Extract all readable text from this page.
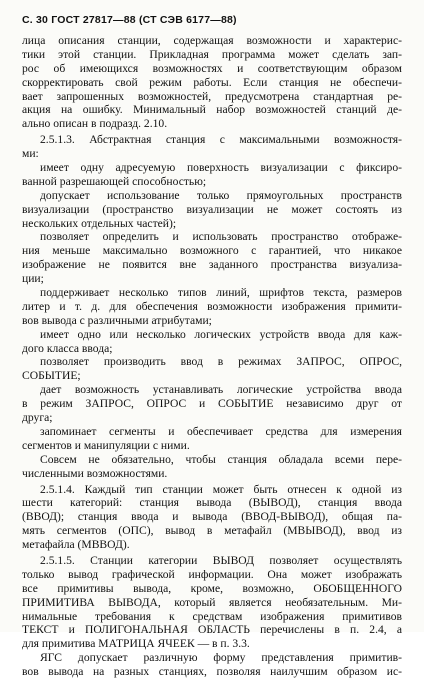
С. 30 ГОСТ 27817—88 (СТ СЭВ 6177—88)
лица описания станции, содержащая возможности и характерис-
тики этой станции. Прикладная программа может сделать зап-
рос об имеющихся возможностях и соответствующим образом
скорректировать свой режим работы. Если станция не обеспечи-
вает запрошенных возможностей, предусмотрена стандартная ре-
акция на ошибку. Минимальный набор возможностей станций де-
ально описан в подразд. 2.10.
2.5.1.3. Абстрактная станция с максимальными возможностя-
ми:
имеет одну адресуемую поверхность визуализации с фиксиро-
ванной разрешающей способностью;
допускает использование только прямоугольных пространств
визуализации (пространство визуализации не может состоять из
нескольких отдельных частей);
позволяет определить и использовать пространство отображе-
ния меньше максимально возможного с гарантией, что никакое
изображение не появится вне заданного пространства визуализа-
ции;
поддерживает несколько типов линий, шрифтов текста, размеров
литер и т. д. для обеспечения возможности изображения примити-
вов вывода с различными атрибутами;
имеет одно или несколько логических устройств ввода для каж-
дого класса ввода;
позволяет производить ввод в режимах ЗАПРОС, ОПРОС,
СОБЫТИЕ;
дает возможность устанавливать логические устройства ввода
в режим ЗАПРОС, ОПРОС и СОБЫТИЕ независимо друг от
друга;
запоминает сегменты и обеспечивает средства для измерения
сегментов и манипуляции с ними.
Совсем не обязательно, чтобы станция обладала всеми пере-
численными возможностями.
2.5.1.4. Каждый тип станции может быть отнесен к одной из
шести категорий: станция вывода (ВЫВОД), станция ввода
(ВВОД); станция ввода и вывода (ВВОД-ВЫВОД), общая па-
мять сегментов (ОПС), вывод в метафайл (МВЫВОД), ввод из
метафайла (МВВОД).
2.5.1.5. Станции категории ВЫВОД позволяет осуществлять
только вывод графической информации. Она может изображать
все примитивы вывода, кроме, возможно, ОБОБЩЕННОГО
ПРИМИТИВА ВЫВОДА, который является необязательным. Ми-
нимальные требования к средствам изображения примитивов
ТЕКСТ и ПОЛИГОНАЛЬНАЯ ОБЛАСТЬ перечислены в п. 2.4, а
для примитива МАТРИЦА ЯЧЕЕК — в п. 3.3.
ЯГС допускает различную форму представления примитив-
вов вывода на разных станциях, позволяя наилучшим образом ис-
